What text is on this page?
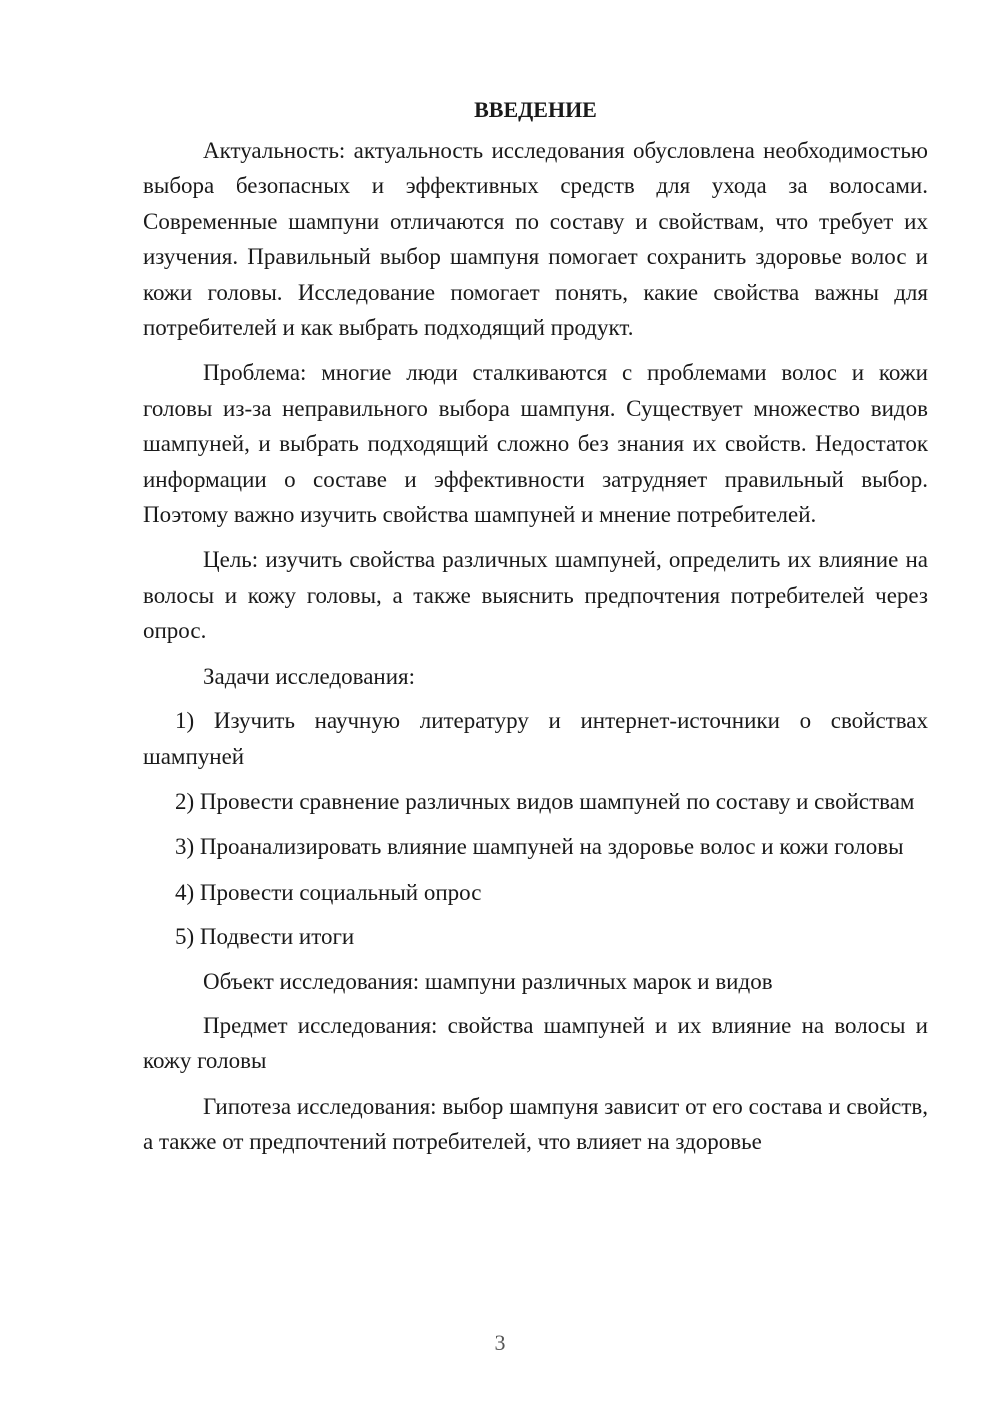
ВВЕДЕНИЕ

Актуальность: актуальность исследования обусловлена необходимостью выбора безопасных и эффективных средств для ухода за волосами. Современные шампуни отличаются по составу и свойствам, что требует их изучения. Правильный выбор шампуня помогает сохранить здоровье волос и кожи головы. Исследование помогает понять, какие свойства важны для потребителей и как выбрать подходящий продукт.

Проблема: многие люди сталкиваются с проблемами волос и кожи головы из-за неправильного выбора шампуня. Существует множество видов шампуней, и выбрать подходящий сложно без знания их свойств. Недостаток информации о составе и эффективности затрудняет правильный выбор. Поэтому важно изучить свойства шампуней и мнение потребителей.

Цель: изучить свойства различных шампуней, определить их влияние на волосы и кожу головы, а также выяснить предпочтения потребителей через опрос.

Задачи исследования:

1) Изучить научную литературу и интернет-источники о свойствах шампуней

2) Провести сравнение различных видов шампуней по составу и свойствам

3) Проанализировать влияние шампуней на здоровье волос и кожи головы

4) Провести социальный опрос

5) Подвести итоги

Объект исследования: шампуни различных марок и видов

Предмет исследования: свойства шампуней и их влияние на волосы и кожу головы

Гипотеза исследования: выбор шампуня зависит от его состава и свойств, а также от предпочтений потребителей, что влияет на здоровье

3
